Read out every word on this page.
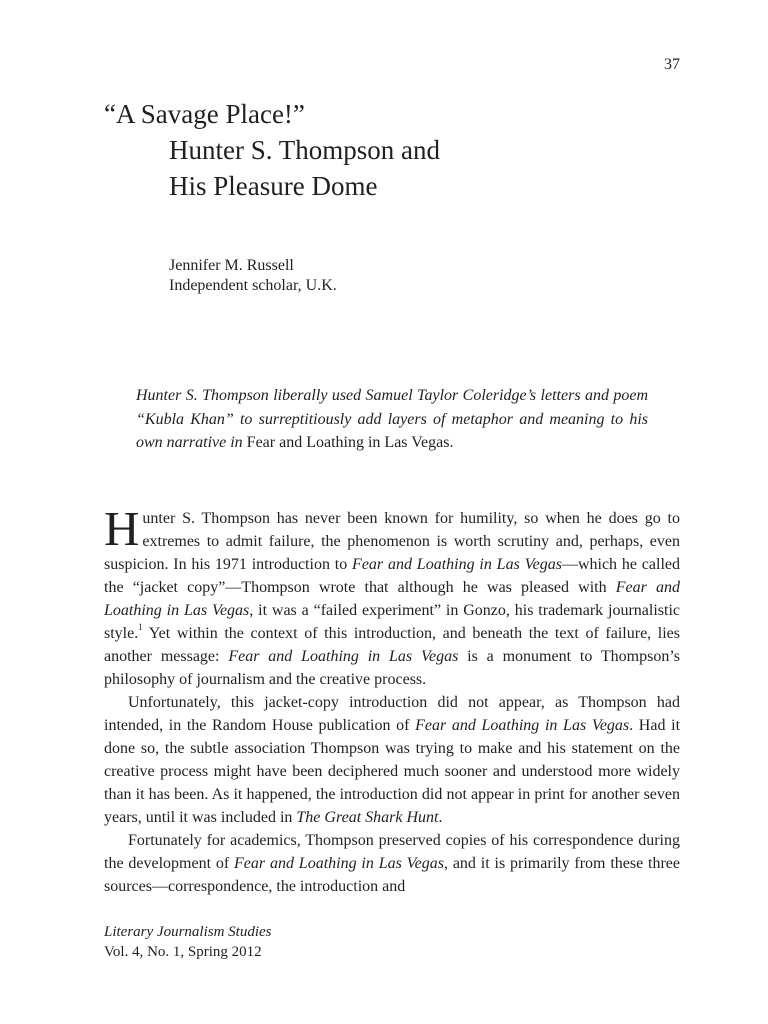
37
“A Savage Place!”
Hunter S. Thompson and
His Pleasure Dome
Jennifer M. Russell
Independent scholar, U.K.
Hunter S. Thompson liberally used Samuel Taylor Coleridge’s letters and poem “Kubla Khan” to surreptitiously add layers of metaphor and meaning to his own narrative in Fear and Loathing in Las Vegas.

Hunter S. Thompson has never been known for humility, so when he does go to extremes to admit failure, the phenomenon is worth scrutiny and, perhaps, even suspicion. In his 1971 introduction to Fear and Loathing in Las Vegas—which he called the “jacket copy”—Thompson wrote that although he was pleased with Fear and Loathing in Las Vegas, it was a “failed experiment” in Gonzo, his trademark journalistic style.$^1$ Yet within the context of this introduction, and beneath the text of failure, lies another message: Fear and Loathing in Las Vegas is a monument to Thompson’s philosophy of journalism and the creative process.

Unfortunately, this jacket-copy introduction did not appear, as Thompson had intended, in the Random House publication of Fear and Loathing in Las Vegas. Had it done so, the subtle association Thompson was trying to make and his statement on the creative process might have been deciphered much sooner and understood more widely than it has been. As it happened, the introduction did not appear in print for another seven years, until it was included in The Great Shark Hunt.

Fortunately for academics, Thompson preserved copies of his correspondence during the development of Fear and Loathing in Las Vegas, and it is primarily from these three sources—correspondence, the introduction and

Literary Journalism Studies
Vol. 4, No. 1, Spring 2012
